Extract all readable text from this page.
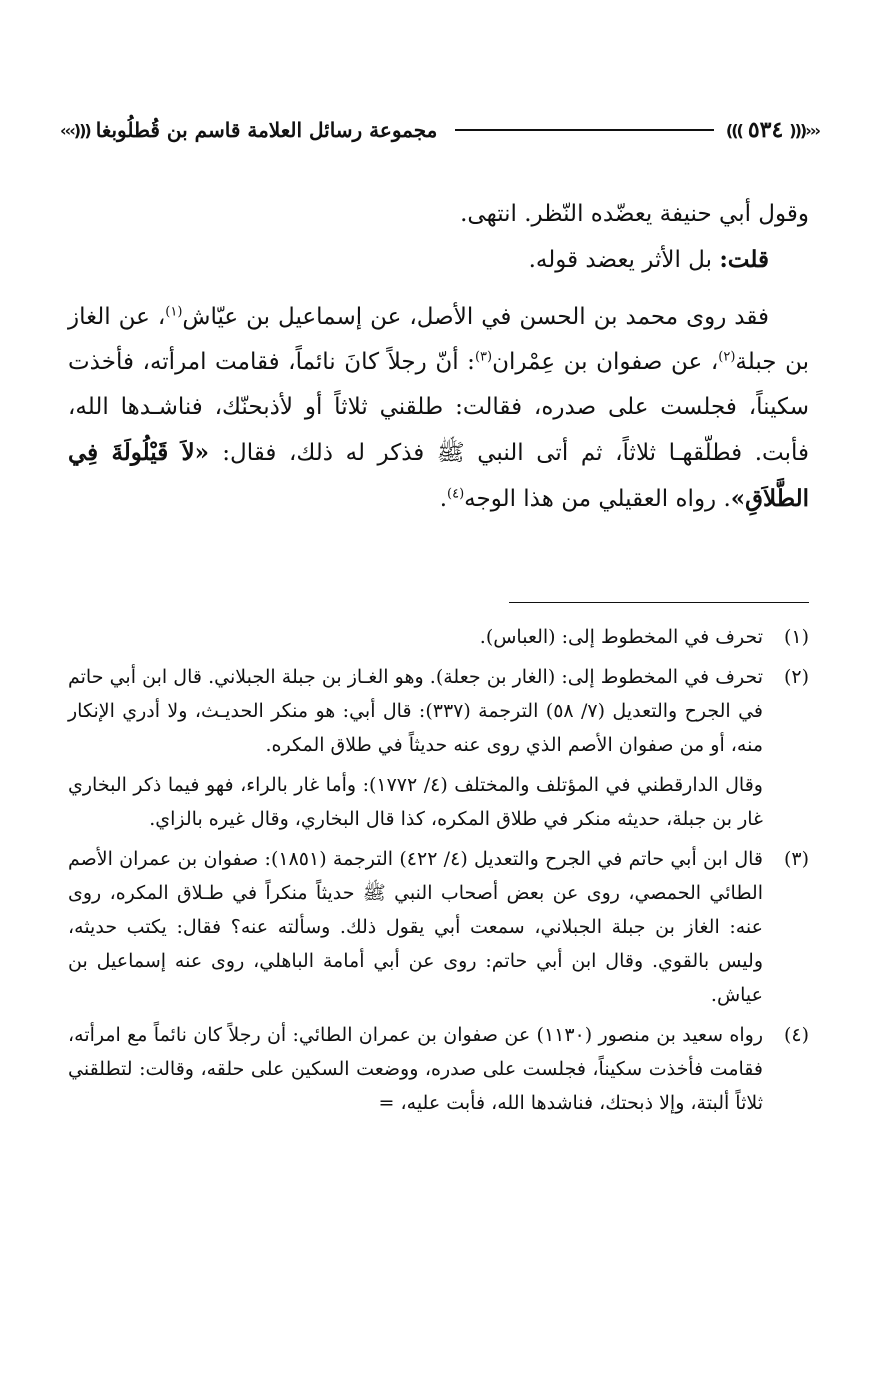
‹‹‹(((
٥٣٤
)))
مجموعة رسائل العلامة قاسم بن قُطلُوبغا
(((
›››

وقول أبي حنيفة يعضّده النّظر. انتهى.

قلت: بل الأثر يعضد قوله.

فقد روى محمد بن الحسن في الأصل، عن إسماعيل بن عيّاش$^{(١)}$، عن الغاز بن جبلة$^{(٢)}$، عن صفوان بن عِمْران$^{(٣)}$: أنّ رجلاً كانَ نائماً، فقامت امرأته، فأخذت سكيناً، فجلست على صدره، فقالت: طلقني ثلاثاً أو لأذبحنّك، فناشـدها الله، فأبت. فطلّقهـا ثلاثاً، ثم أتى النبي ﷺ فذكر له ذلك، فقال: «لاَ قَيْلُولَةَ فِي الطَّلاَقِ». رواه العقيلي من هذا الوجه$^{(٤)}$.

(١)

تحرف في المخطوط إلى: (العباس).

(٢)

تحرف في المخطوط إلى: (الغار بن جعلة). وهو الغـاز بن جبلة الجبلاني. قال ابن أبي حاتم في الجرح والتعديل (٧/ ٥٨) الترجمة (٣٣٧): قال أبي: هو منكر الحديـث، ولا أدري الإنكار منه، أو من صفوان الأصم الذي روى عنه حديثاً في طلاق المكره.

وقال الدارقطني في المؤتلف والمختلف (٤/ ١٧٧٢): وأما غار بالراء، فهو فيما ذكر البخاري غار بن جبلة، حديثه منكر في طلاق المكره، كذا قال البخاري، وقال غيره بالزاي.

(٣)

قال ابن أبي حاتم في الجرح والتعديل (٤/ ٤٢٢) الترجمة (١٨٥١): صفوان بن عمران الأصم الطائي الحمصي، روى عن بعض أصحاب النبي ﷺ حديثاً منكراً في طـلاق المكره، روى عنه: الغاز بن جبلة الجبلاني، سمعت أبي يقول ذلك. وسألته عنه؟ فقال: يكتب حديثه، وليس بالقوي. وقال ابن أبي حاتم: روى عن أبي أمامة الباهلي، روى عنه إسماعيل بن عياش.

(٤)

رواه سعيد بن منصور (١١٣٠) عن صفوان بن عمران الطائي: أن رجلاً كان نائماً مع امرأته، فقامت فأخذت سكيناً، فجلست على صدره، ووضعت السكين على حلقه، وقالت: لتطلقني ثلاثاً ألبتة، وإلا ذبحتك، فناشدها الله، فأبت عليه، =
